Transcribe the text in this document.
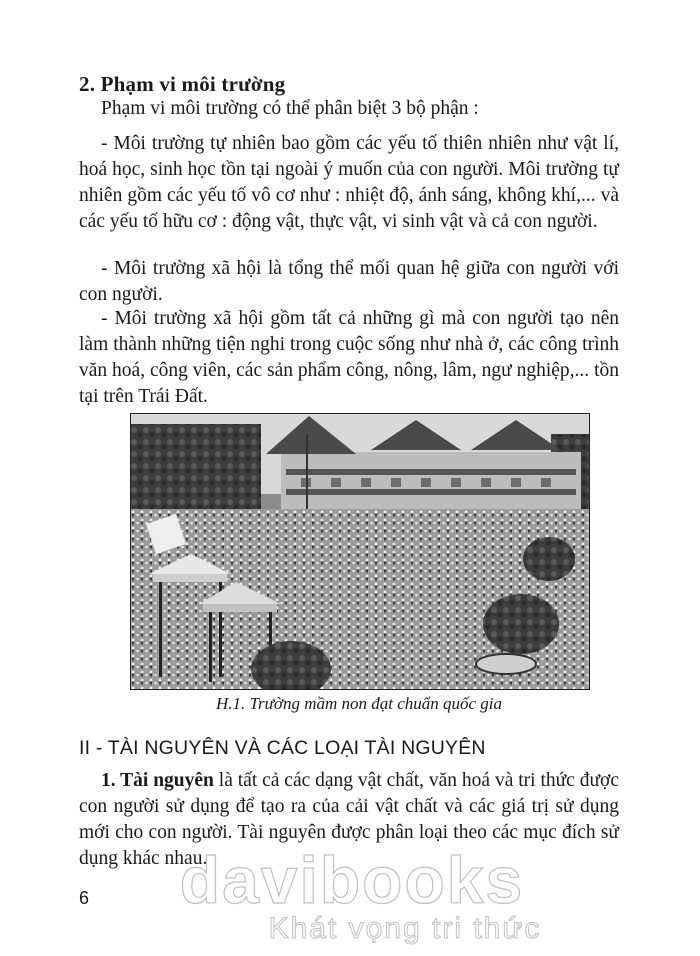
2. Phạm vi môi trường
Phạm vi môi trường có thể phân biệt 3 bộ phận :
- Môi trường tự nhiên bao gồm các yếu tố thiên nhiên như vật lí, hoá học, sinh học tồn tại ngoài ý muốn của con người. Môi trường tự nhiên gồm các yếu tố vô cơ như : nhiệt độ, ánh sáng, không khí,... và các yếu tố hữu cơ : động vật, thực vật, vi sinh vật và cả con người.
- Môi trường xã hội là tổng thể mối quan hệ giữa con người với con người.
- Môi trường xã hội gồm tất cả những gì mà con người tạo nên làm thành những tiện nghi trong cuộc sống như nhà ở, các công trình văn hoá, công viên, các sản phẩm công, nông, lâm, ngư nghiệp,... tồn tại trên Trái Đất.
H.1. Trường mầm non đạt chuẩn quốc gia
II - TÀI NGUYÊN VÀ CÁC LOẠI TÀI NGUYÊN
1. Tài nguyên là tất cả các dạng vật chất, văn hoá và tri thức được con người sử dụng để tạo ra của cải vật chất và các giá trị sử dụng mới cho con người. Tài nguyên được phân loại theo các mục đích sử dụng khác nhau.
6	davibooks
Khát vọng tri thức
